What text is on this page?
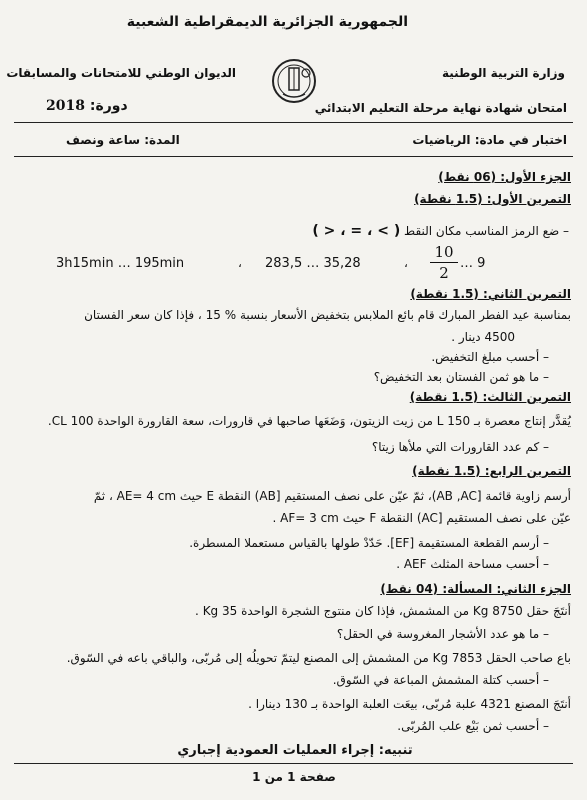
الجمهورية الجزائرية الديمقراطية الشعبية
وزارة التربية الوطنية
الديوان الوطني للامتحانات والمسابقات
امتحان شهادة نهاية مرحلة التعليم الابتدائي
دورة: 2018
اختبار في مادة: الرياضيات
المدة: ساعة ونصف
الجزء الأول: (06 نقط)
التمرين الأول: (1.5 نقطة)
– ضع الرمز المناسب مكان النقط ( > ، = ، < )
10
2
… 9
،
283,5 … 35,28
،
3h15min … 195min
التمرين الثاني: (1.5 نقطة)
بمناسبة عيد الفطر المبارك قام بائع الملابس بتخفيض الأسعار بنسبة % 15 ، فإذا كان سعر الفستان
4500 دينار .
– أحسب مبلغ التخفيض.
– ما هو ثمن الفستان بعد التخفيض؟
التمرين الثالث: (1.5 نقطة)
يُقدَّر إنتاج معصرة بـ 150 L من زيت الزيتون، وَضَعَها صاحبها في قارورات، سعة القارورة الواحدة 100 CL.
– كم عدد القارورات التي ملأها زيتا؟
التمرين الرابع: (1.5 نقطة)
أرسم زاوية قائمة [AB ,AC)، ثمّ عيّن على نصف المستقيم [AB) النقطة E حيث AE= 4 cm ، ثمّ
عيّن على نصف المستقيم [AC) النقطة F حيث AF= 3 cm .
– أرسم القطعة المستقيمة [EF]. حَدّدْ طولها بالقياس مستعملا المسطرة.
– أحسب مساحة المثلث AEF .
الجزء الثاني: المسألة: (04 نقط)
أنتَجَ حقل 8750 Kg من المشمش، فإذا كان منتوج الشجرة الواحدة 35 Kg .
– ما هو عدد الأشجار المغروسة في الحقل؟
باع صاحب الحقل 7853 Kg من المشمش إلى المصنع ليتمّ تحويلُه إلى مُربّى، والباقي باعه في السّوق.
– أحسب كتلة المشمش المباعة في السّوق.
أنتَجَ المصنع 4321 علبة مُربّى، بيعَت العلبة الواحدة بـ 130 دينارا .
– أحسب ثمن بَيْع علب المُربّى.
تنبيه: إجراء العمليات العمودية إجباري
صفحة 1 من 1
